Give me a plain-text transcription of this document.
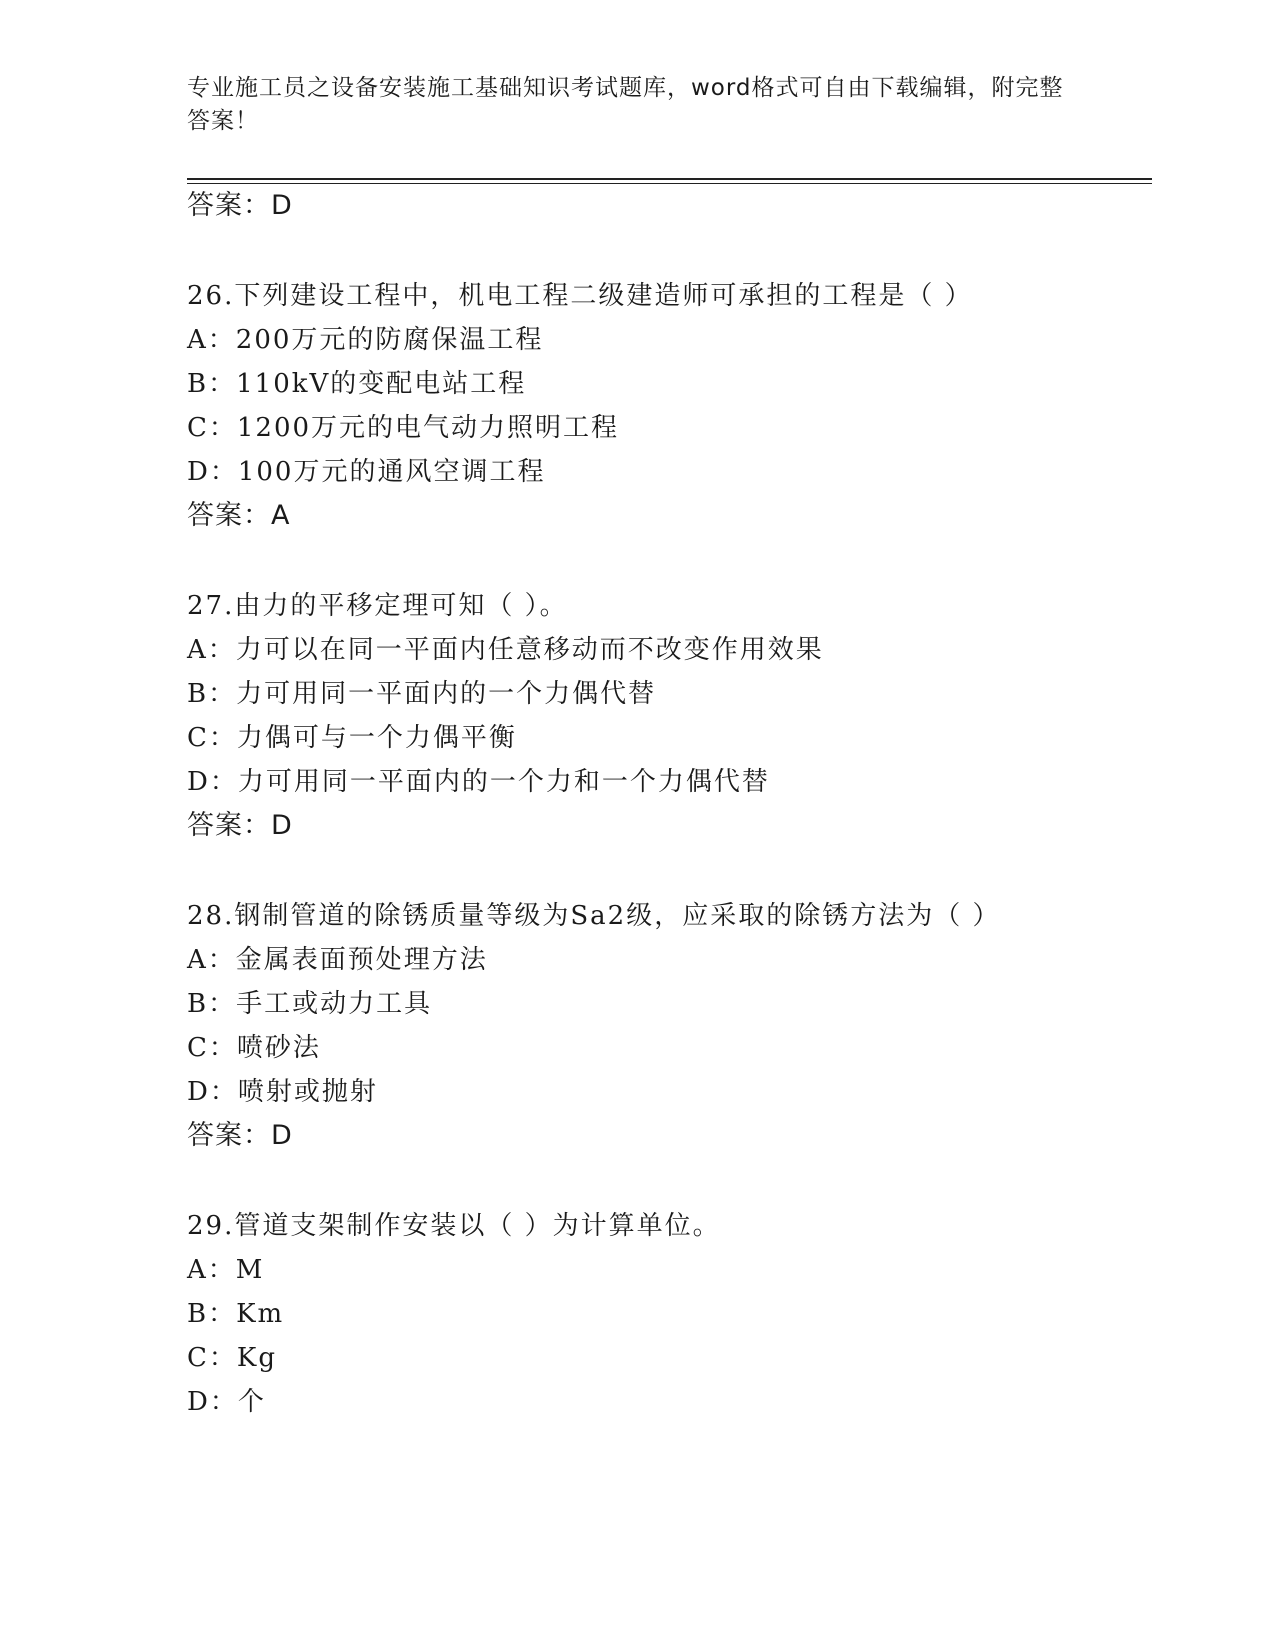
专业施工员之设备安装施工基础知识考试题库，word格式可自由下载编辑，附完整答案！
答案：D
26.下列建设工程中，机电工程二级建造师可承担的工程是（ ）
A：200万元的防腐保温工程
B：110kV的变配电站工程
C：1200万元的电气动力照明工程
D：100万元的通风空调工程
答案：A
27.由力的平移定理可知（ ）。
A：力可以在同一平面内任意移动而不改变作用效果
B：力可用同一平面内的一个力偶代替
C：力偶可与一个力偶平衡
D：力可用同一平面内的一个力和一个力偶代替
答案：D
28.钢制管道的除锈质量等级为Sa2级，应采取的除锈方法为（ ）
A：金属表面预处理方法
B：手工或动力工具
C：喷砂法
D：喷射或抛射
答案：D
29.管道支架制作安装以（ ）为计算单位。
A：M
B：Km
C：Kg
D：个
